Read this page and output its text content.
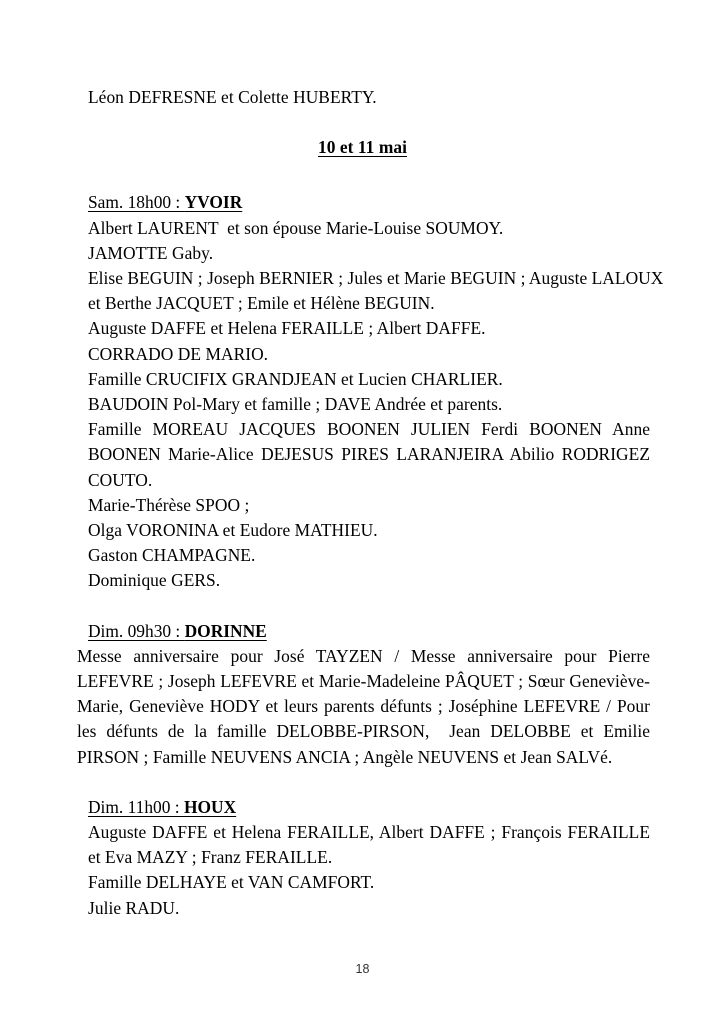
Léon DEFRESNE et Colette HUBERTY.
10 et 11 mai
Sam. 18h00 : YVOIR
Albert LAURENT  et son épouse Marie-Louise SOUMOY.
JAMOTTE Gaby.
Elise BEGUIN ; Joseph BERNIER ; Jules et Marie BEGUIN ; Auguste LALOUX et Berthe JACQUET ; Emile et Hélène BEGUIN.
Auguste DAFFE et Helena FERAILLE ; Albert DAFFE.
CORRADO DE MARIO.
Famille CRUCIFIX GRANDJEAN et Lucien CHARLIER.
BAUDOIN Pol-Mary et famille ; DAVE Andrée et parents.
Famille MOREAU JACQUES BOONEN JULIEN Ferdi BOONEN Anne BOONEN Marie-Alice DEJESUS PIRES LARANJEIRA Abilio RODRIGEZ COUTO.
Marie-Thérèse SPOO ;
Olga VORONINA et Eudore MATHIEU.
Gaston CHAMPAGNE.
Dominique GERS.
Dim. 09h30 : DORINNE
Messe anniversaire pour José TAYZEN / Messe anniversaire pour Pierre LEFEVRE ; Joseph LEFEVRE et Marie-Madeleine PÂQUET ; Sœur Geneviève-Marie, Geneviève HODY et leurs parents défunts ; Joséphine LEFEVRE / Pour les défunts de la famille DELOBBE-PIRSON,  Jean DELOBBE et Emilie PIRSON ; Famille NEUVENS ANCIA ; Angèle NEUVENS et Jean SALVé.
Dim. 11h00 : HOUX
Auguste DAFFE et Helena FERAILLE, Albert DAFFE ; François FERAILLE et Eva MAZY ; Franz FERAILLE.
Famille DELHAYE et VAN CAMFORT.
Julie RADU.
18
